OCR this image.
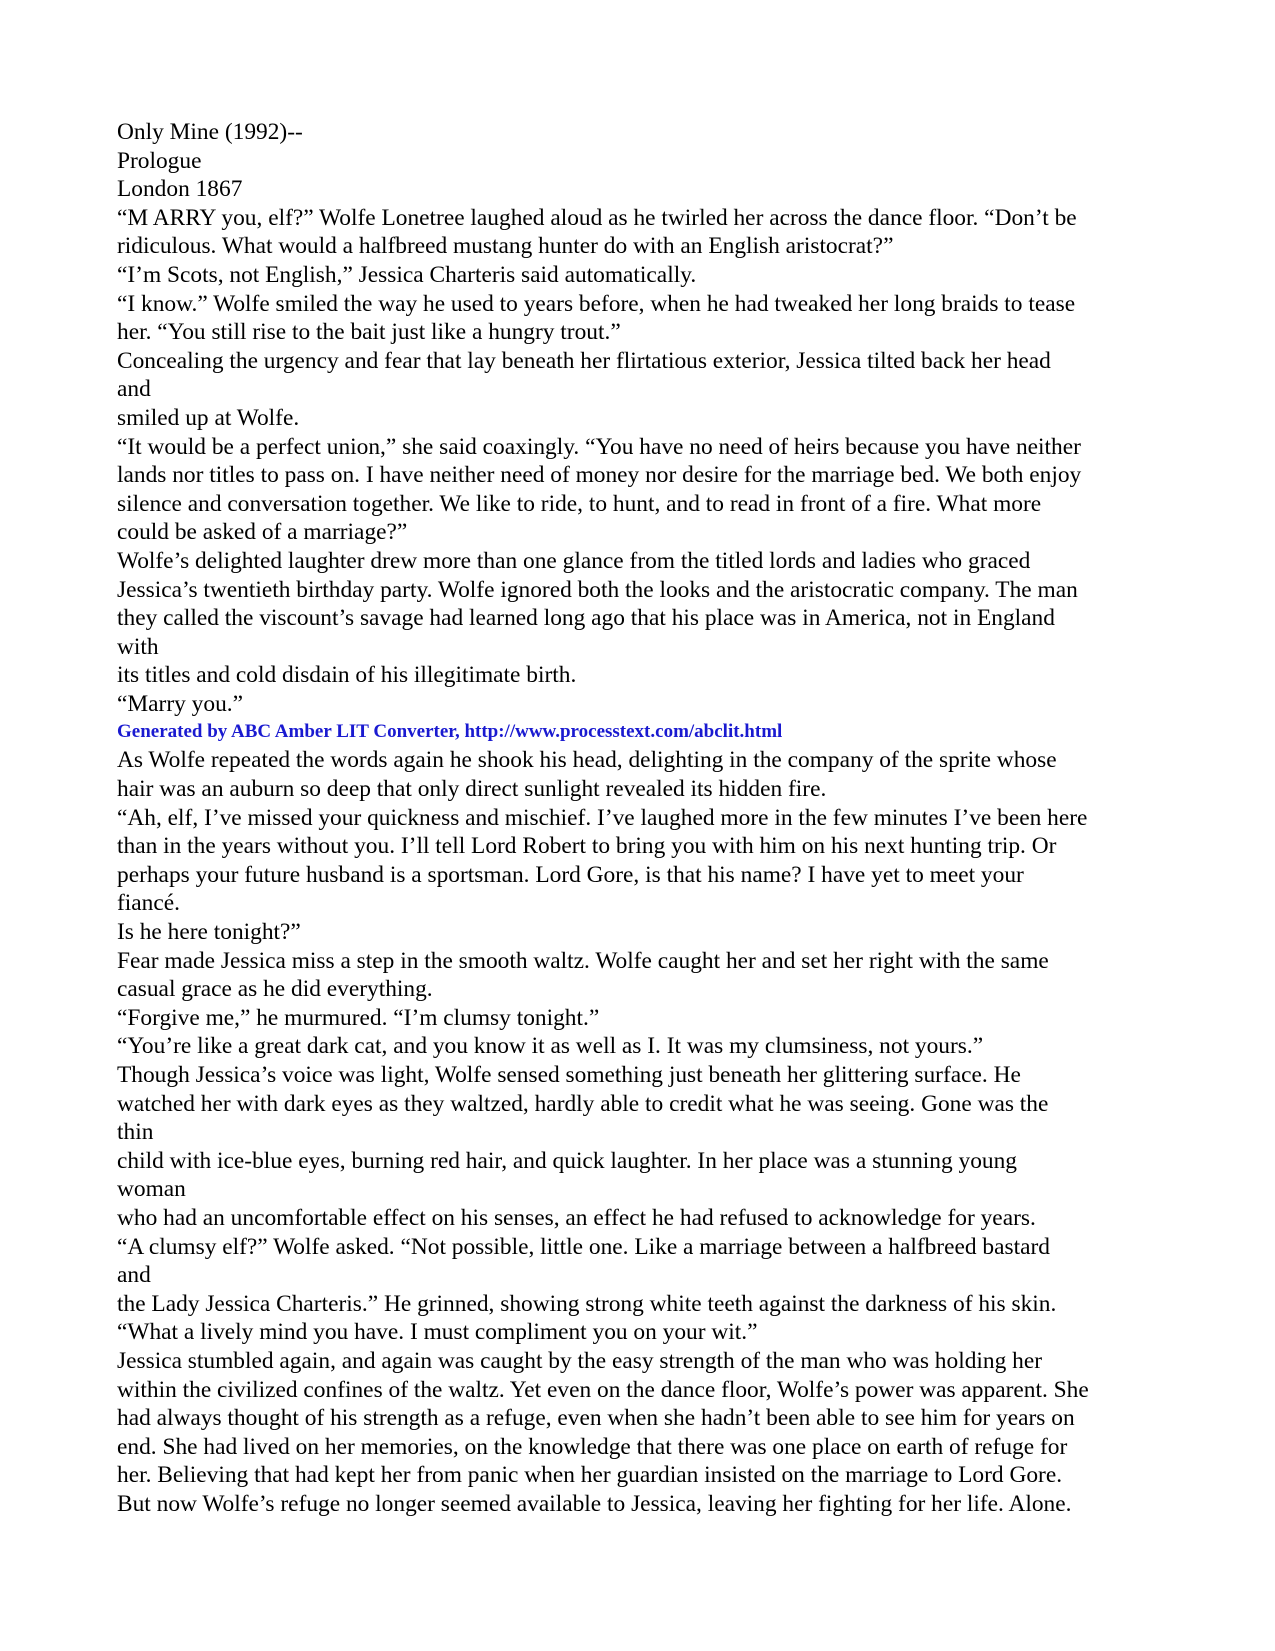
Only Mine (1992)--
Prologue
London 1867
“M ARRY you, elf?” Wolfe Lonetree laughed aloud as he twirled her across the dance floor. “Don’t be
ridiculous. What would a halfbreed mustang hunter do with an English aristocrat?”
“I’m Scots, not English,” Jessica Charteris said automatically.
“I know.” Wolfe smiled the way he used to years before, when he had tweaked her long braids to tease
her. “You still rise to the bait just like a hungry trout.”
Concealing the urgency and fear that lay beneath her flirtatious exterior, Jessica tilted back her head
and
smiled up at Wolfe.
“It would be a perfect union,” she said coaxingly. “You have no need of heirs because you have neither
lands nor titles to pass on. I have neither need of money nor desire for the marriage bed. We both enjoy
silence and conversation together. We like to ride, to hunt, and to read in front of a fire. What more
could be asked of a marriage?”
Wolfe’s delighted laughter drew more than one glance from the titled lords and ladies who graced
Jessica’s twentieth birthday party. Wolfe ignored both the looks and the aristocratic company. The man
they called the viscount’s savage had learned long ago that his place was in America, not in England
with
its titles and cold disdain of his illegitimate birth.
“Marry you.”
Generated by ABC Amber LIT Converter, http://www.processtext.com/abclit.html
As Wolfe repeated the words again he shook his head, delighting in the company of the sprite whose
hair was an auburn so deep that only direct sunlight revealed its hidden fire.
“Ah, elf, I’ve missed your quickness and mischief. I’ve laughed more in the few minutes I’ve been here
than in the years without you. I’ll tell Lord Robert to bring you with him on his next hunting trip. Or
perhaps your future husband is a sportsman. Lord Gore, is that his name? I have yet to meet your
fiancé.
Is he here tonight?”
Fear made Jessica miss a step in the smooth waltz. Wolfe caught her and set her right with the same
casual grace as he did everything.
“Forgive me,” he murmured. “I’m clumsy tonight.”
“You’re like a great dark cat, and you know it as well as I. It was my clumsiness, not yours.”
Though Jessica’s voice was light, Wolfe sensed something just beneath her glittering surface. He
watched her with dark eyes as they waltzed, hardly able to credit what he was seeing. Gone was the
thin
child with ice-blue eyes, burning red hair, and quick laughter. In her place was a stunning young
woman
who had an uncomfortable effect on his senses, an effect he had refused to acknowledge for years.
“A clumsy elf?” Wolfe asked. “Not possible, little one. Like a marriage between a halfbreed bastard
and
the Lady Jessica Charteris.” He grinned, showing strong white teeth against the darkness of his skin.
“What a lively mind you have. I must compliment you on your wit.”
Jessica stumbled again, and again was caught by the easy strength of the man who was holding her
within the civilized confines of the waltz. Yet even on the dance floor, Wolfe’s power was apparent. She
had always thought of his strength as a refuge, even when she hadn’t been able to see him for years on
end. She had lived on her memories, on the knowledge that there was one place on earth of refuge for
her. Believing that had kept her from panic when her guardian insisted on the marriage to Lord Gore.
But now Wolfe’s refuge no longer seemed available to Jessica, leaving her fighting for her life. Alone.
